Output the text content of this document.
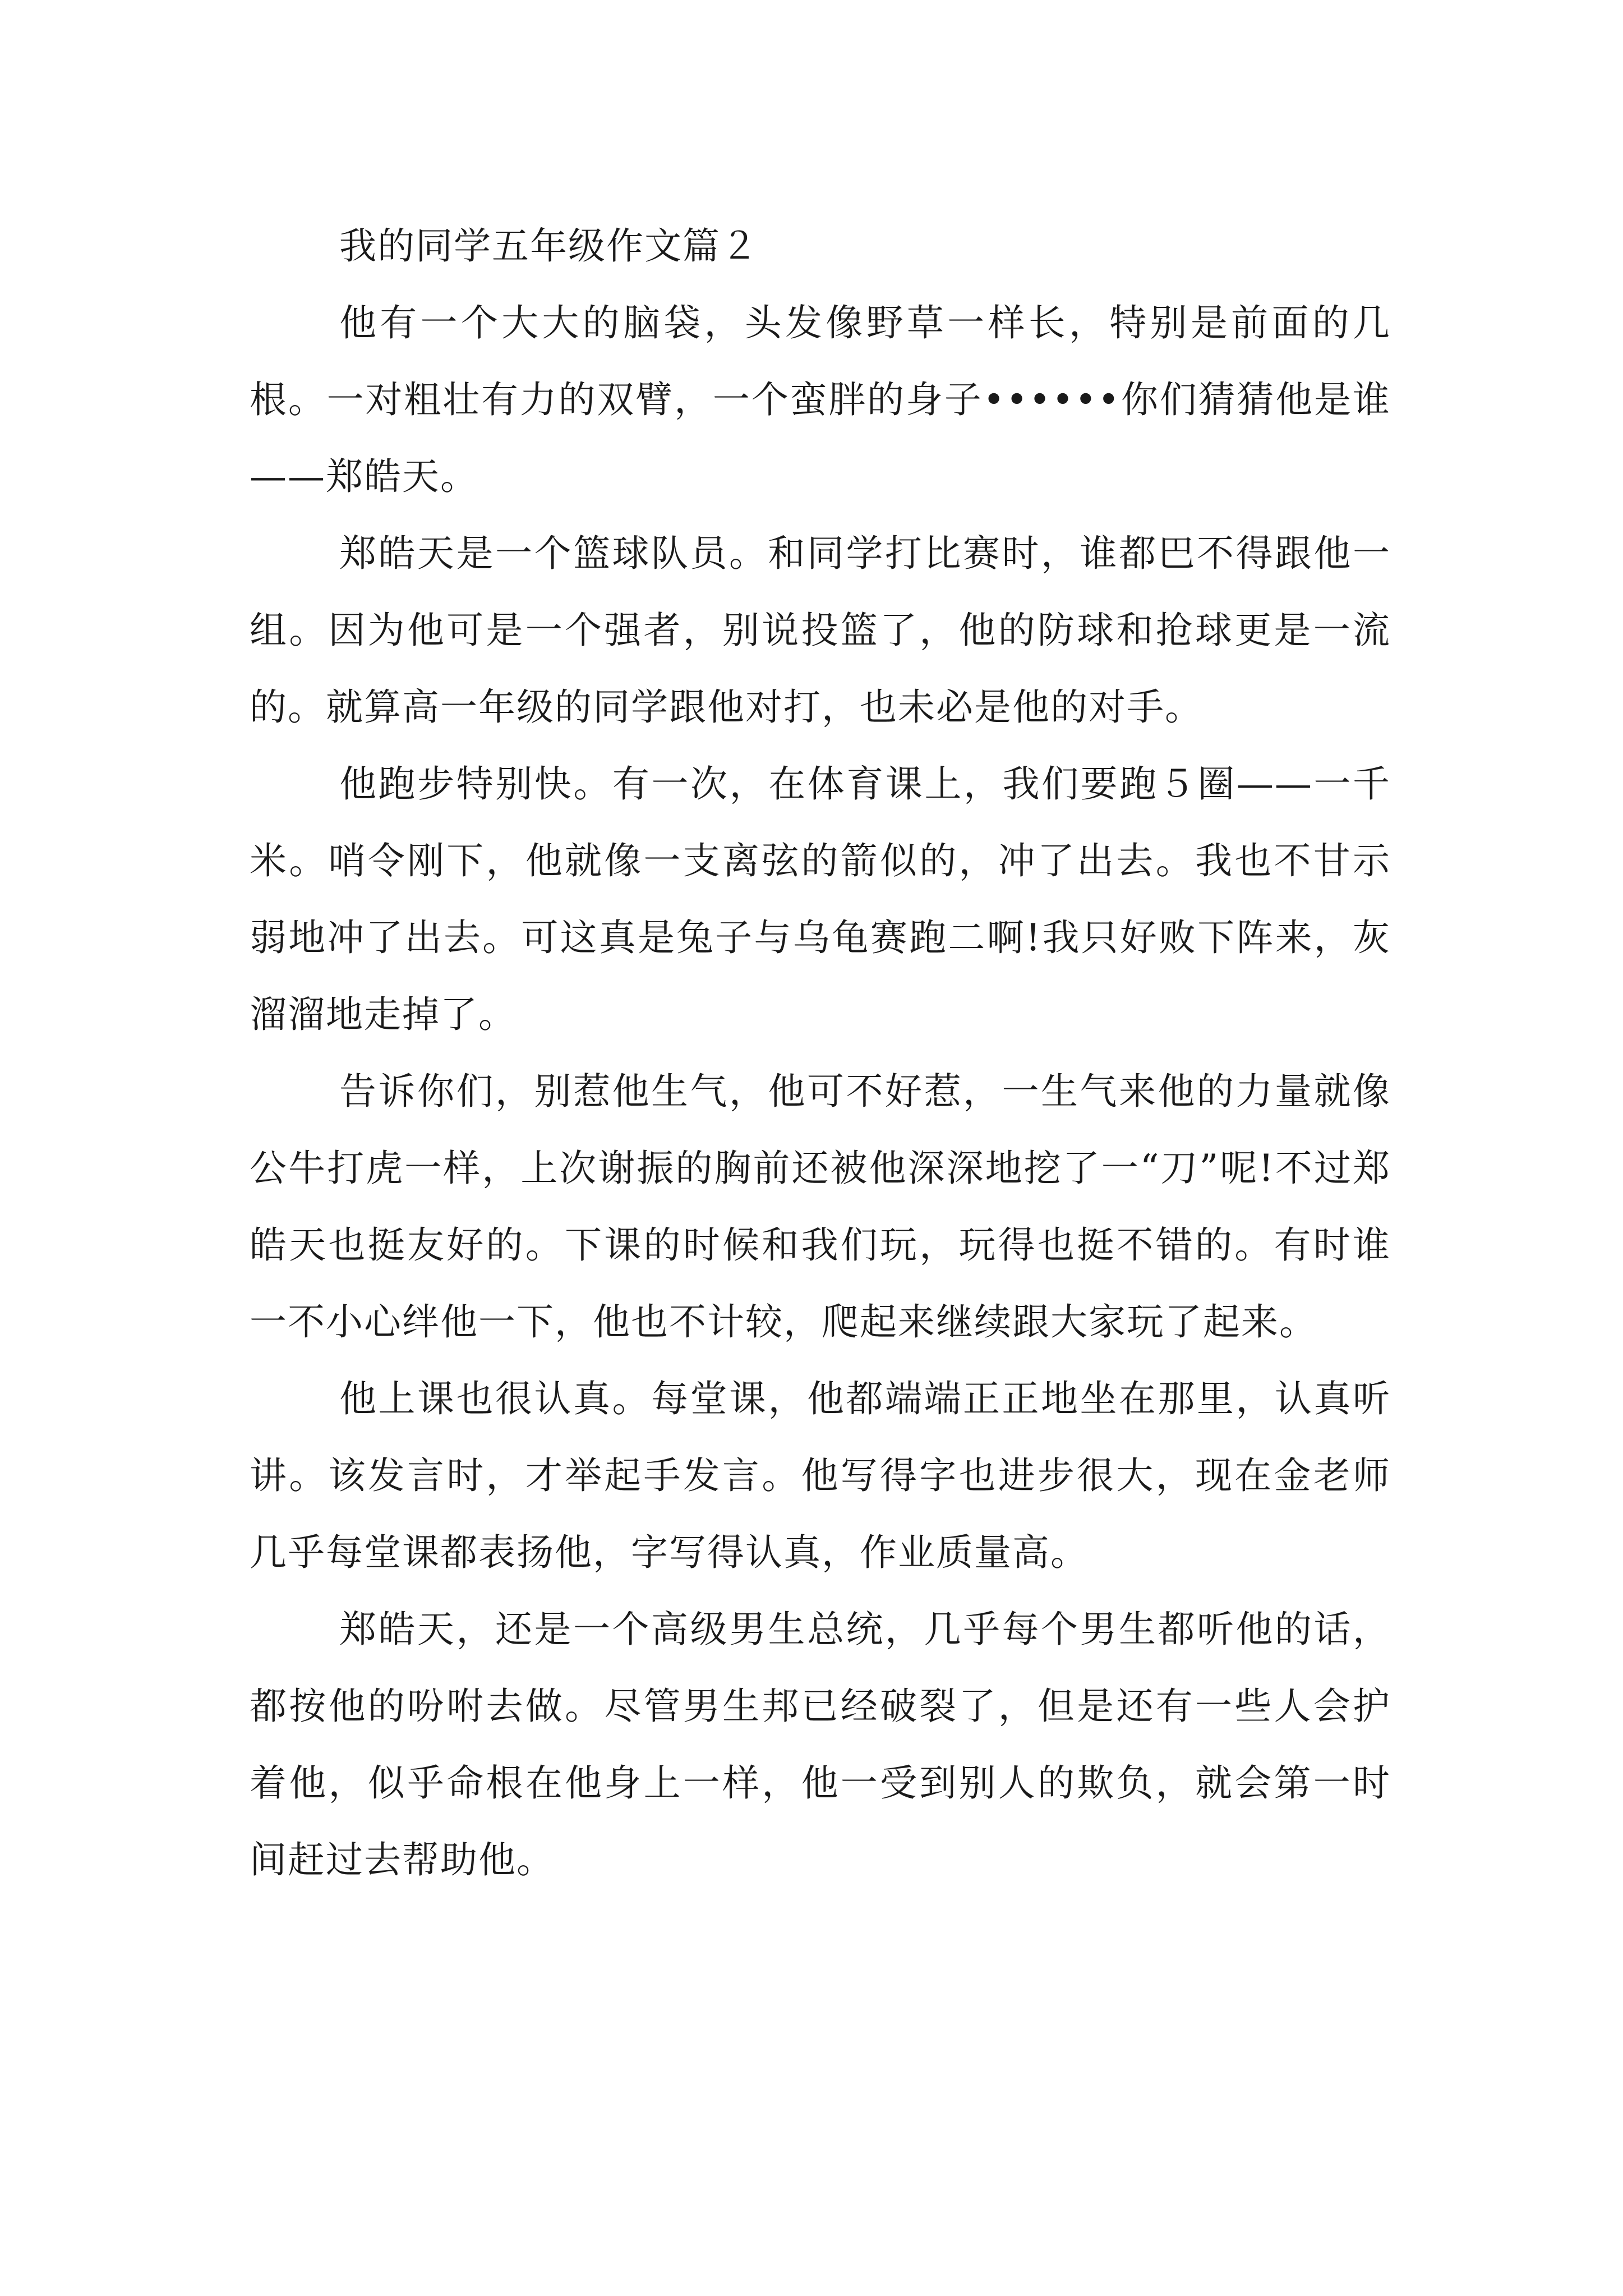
我的同学五年级作文篇２

他有一个大大的脑袋，头发像野草一样长，特别是前面的几根。一对粗壮有力的双臂，一个蛮胖的身子••••••你们猜猜他是谁——郑皓天。

郑皓天是一个篮球队员。和同学打比赛时，谁都巴不得跟他一组。因为他可是一个强者，别说投篮了，他的防球和抢球更是一流的。就算高一年级的同学跟他对打，也未必是他的对手。

他跑步特别快。有一次，在体育课上，我们要跑５圈——一千米。哨令刚下，他就像一支离弦的箭似的，冲了出去。我也不甘示弱地冲了出去。可这真是兔子与乌龟赛跑二啊!我只好败下阵来，灰溜溜地走掉了。

告诉你们，别惹他生气，他可不好惹，一生气来他的力量就像公牛打虎一样，上次谢振的胸前还被他深深地挖了一“刀”呢!不过郑皓天也挺友好的。下课的时候和我们玩，玩得也挺不错的。有时谁一不小心绊他一下，他也不计较，爬起来继续跟大家玩了起来。

他上课也很认真。每堂课，他都端端正正地坐在那里，认真听讲。该发言时，才举起手发言。他写得字也进步很大，现在金老师几乎每堂课都表扬他，字写得认真，作业质量高。

郑皓天，还是一个高级男生总统，几乎每个男生都听他的话，都按他的吩咐去做。尽管男生邦已经破裂了，但是还有一些人会护着他，似乎命根在他身上一样，他一受到别人的欺负，就会第一时间赶过去帮助他。
